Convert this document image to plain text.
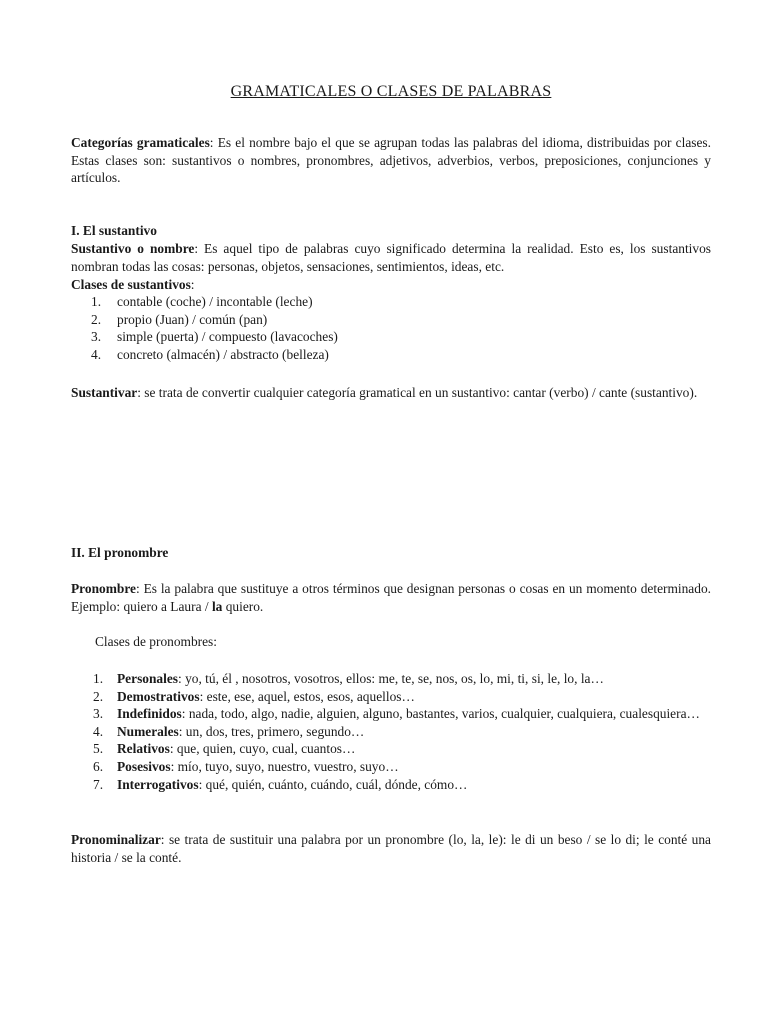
GRAMATICALES O CLASES DE PALABRAS
Categorías gramaticales: Es el nombre bajo el que se agrupan todas las palabras del idioma, distribuidas por clases. Estas clases son: sustantivos o nombres, pronombres, adjetivos, adverbios, verbos, preposiciones, conjunciones y artículos.
I. El sustantivo
Sustantivo o nombre: Es aquel tipo de palabras cuyo significado determina la realidad. Esto es, los sustantivos nombran todas las cosas: personas, objetos, sensaciones, sentimientos, ideas, etc.
Clases de sustantivos:
1. contable (coche) / incontable (leche)
2. propio (Juan) / común (pan)
3. simple (puerta) / compuesto (lavacoches)
4. concreto (almacén) / abstracto (belleza)
Sustantivar: se trata de convertir cualquier categoría gramatical en un sustantivo: cantar (verbo) / cante (sustantivo).
II. El pronombre
Pronombre: Es la palabra que sustituye a otros términos que designan personas o cosas en un momento determinado. Ejemplo: quiero a Laura / la quiero.
Clases de pronombres:
1. Personales: yo, tú, él , nosotros, vosotros, ellos: me, te, se, nos, os, lo, mi, ti, si, le, lo, la…
2. Demostrativos: este, ese, aquel, estos, esos, aquellos…
3. Indefinidos: nada, todo, algo, nadie, alguien, alguno, bastantes, varios, cualquier, cualquiera, cualesquiera…
4. Numerales: un, dos, tres, primero, segundo…
5. Relativos: que, quien, cuyo, cual, cuantos…
6. Posesivos: mío, tuyo, suyo, nuestro, vuestro, suyo…
7. Interrogativos: qué, quién, cuánto, cuándo, cuál, dónde, cómo…
Pronominalizar: se trata de sustituir una palabra por un pronombre (lo, la, le): le di un beso / se lo di; le conté una historia / se la conté.
